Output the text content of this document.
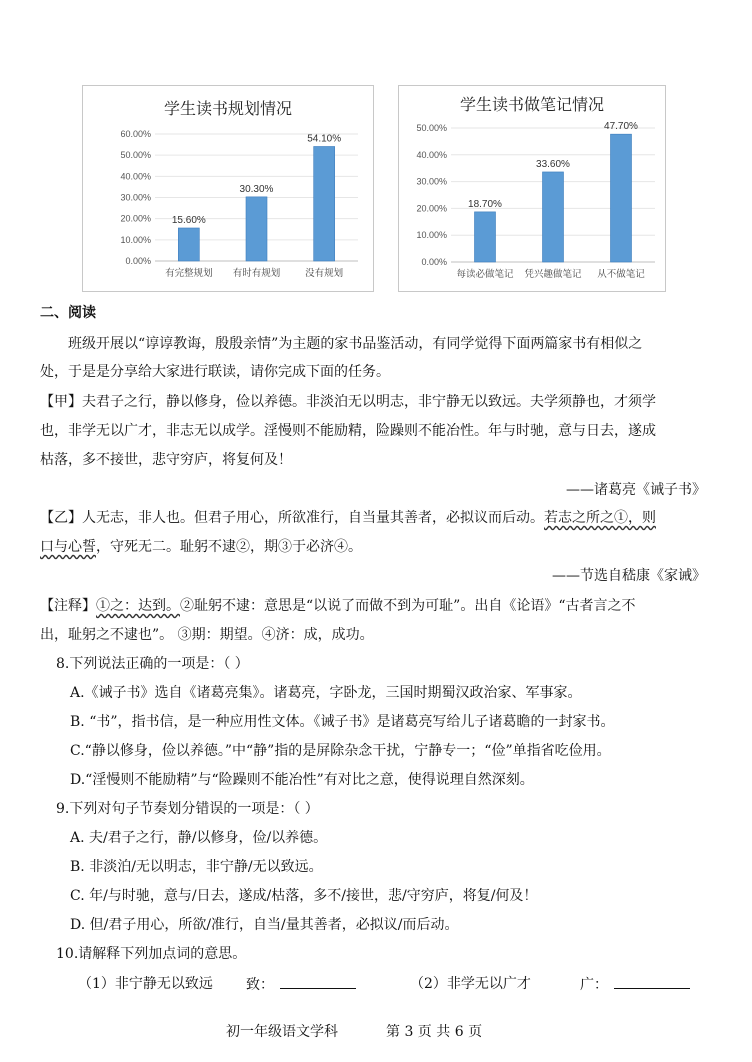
学生读书规划情况
0.00%
10.00%
20.00%
30.00%
40.00%
50.00%
60.00%
15.60%
有完整规划
30.30%
有时有规划
54.10%
没有规划
学生读书做笔记情况
0.00%
10.00%
20.00%
30.00%
40.00%
50.00%
18.70%
每读必做笔记
33.60%
凭兴趣做笔记
47.70%
从不做笔记
二、阅读
班级开展以“谆谆教诲，殷殷亲情”为主题的家书品鉴活动，有同学觉得下面两篇家书有相似之
处，于是是分享给大家进行联读，请你完成下面的任务。
【甲】夫君子之行，静以修身，俭以养德。非淡泊无以明志，非宁静无以致远。夫学须静也，才须学
也，非学无以广才，非志无以成学。淫慢则不能励精，险躁则不能冶性。年与时驰，意与日去，遂成
枯落，多不接世，悲守穷庐，将复何及！
——诸葛亮《诫子书》
【乙】人无志，非人也。但君子用心，所欲准行，自当量其善者，必拟议而后动。若志之所之①，则
口与心誓，守死无二。耻躬不逮②，期③于必济④。
——节选自嵇康《家诫》
【注释】①之：达到。②耻躬不逮：意思是“以说了而做不到为可耻”。出自《论语》“古者言之不
出，耻躬之不逮也”。 ③期：期望。④济：成，成功。
8.下列说法正确的一项是：（ ）
A.《诫子书》选自《诸葛亮集》。诸葛亮，字卧龙，三国时期蜀汉政治家、军事家。
B. “书”，指书信，是一种应用性文体。《诫子书》是诸葛亮写给儿子诸葛瞻的一封家书。
C.“静以修身，俭以养德。”中“静”指的是屏除杂念干扰，宁静专一；“俭”单指省吃俭用。
D.“淫慢则不能励精”与“险躁则不能冶性”有对比之意，使得说理自然深刻。
9.下列对句子节奏划分错误的一项是：（ ）
A. 夫/君子之行，静/以修身，俭/以养德。
B. 非淡泊/无以明志，非宁静/无以致远。
C. 年/与时驰，意与/日去，遂成/枯落，多不/接世，悲/守穷庐，将复/何及！
D. 但/君子用心，所欲/准行，自当/量其善者，必拟议/而后动。
10.请解释下列加点词的意思。
（1）非宁静无以致远 致：	（2）非学无以广才	广：
初一年级语文学科	第 3 页 共 6 页
